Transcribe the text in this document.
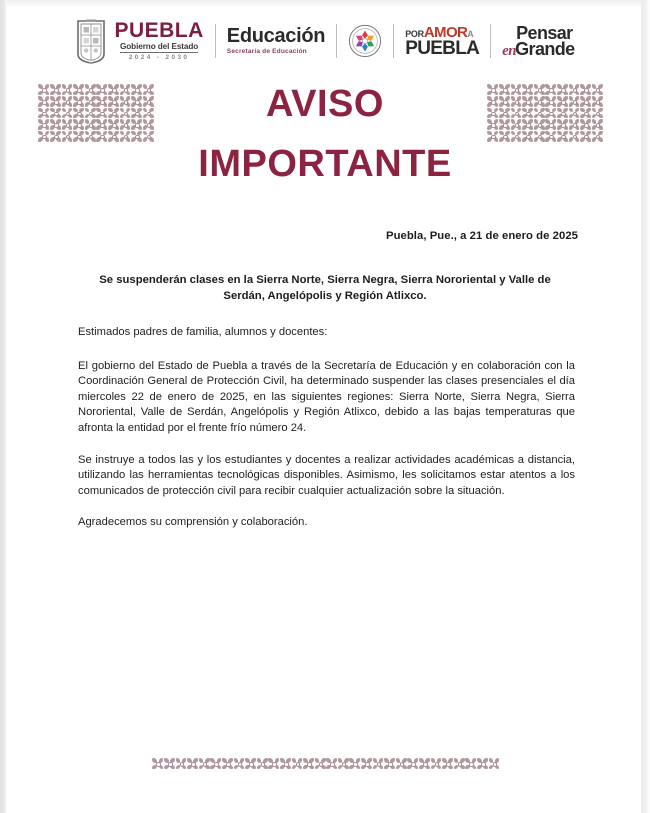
PUEBLA
Gobierno del Estado
2024 - 2030
Educación
Secretaría de Educación
POR AMOR A
PUEBLA
Pensar
en Grande
AVISO
IMPORTANTE
Puebla, Pue., a 21 de enero de 2025
Se suspenderán clases en la Sierra Norte, Sierra Negra, Sierra Nororiental y Valle de Serdán, Angelópolis y Región Atlixco.

Estimados padres de familia, alumnos y docentes:

El gobierno del Estado de Puebla a través de la Secretaría de Educación y en colaboración con la Coordinación General de Protección Civil, ha determinado suspender las clases presenciales el día miercoles 22 de enero de 2025, en las siguientes regiones: Sierra Norte, Sierra Negra, Sierra Nororiental, Valle de Serdán, Angelópolis y Región Atlixco, debido a las bajas temperaturas que afronta la entidad por el frente frío número 24.

Se instruye a todos las y los estudiantes y docentes a realizar actividades académicas a distancia, utilizando las herramientas tecnológicas disponibles. Asimismo, les solicitamos estar atentos a los comunicados de protección civil para recibir cualquier actualización sobre la situación.

Agradecemos su comprensión y colaboración.
